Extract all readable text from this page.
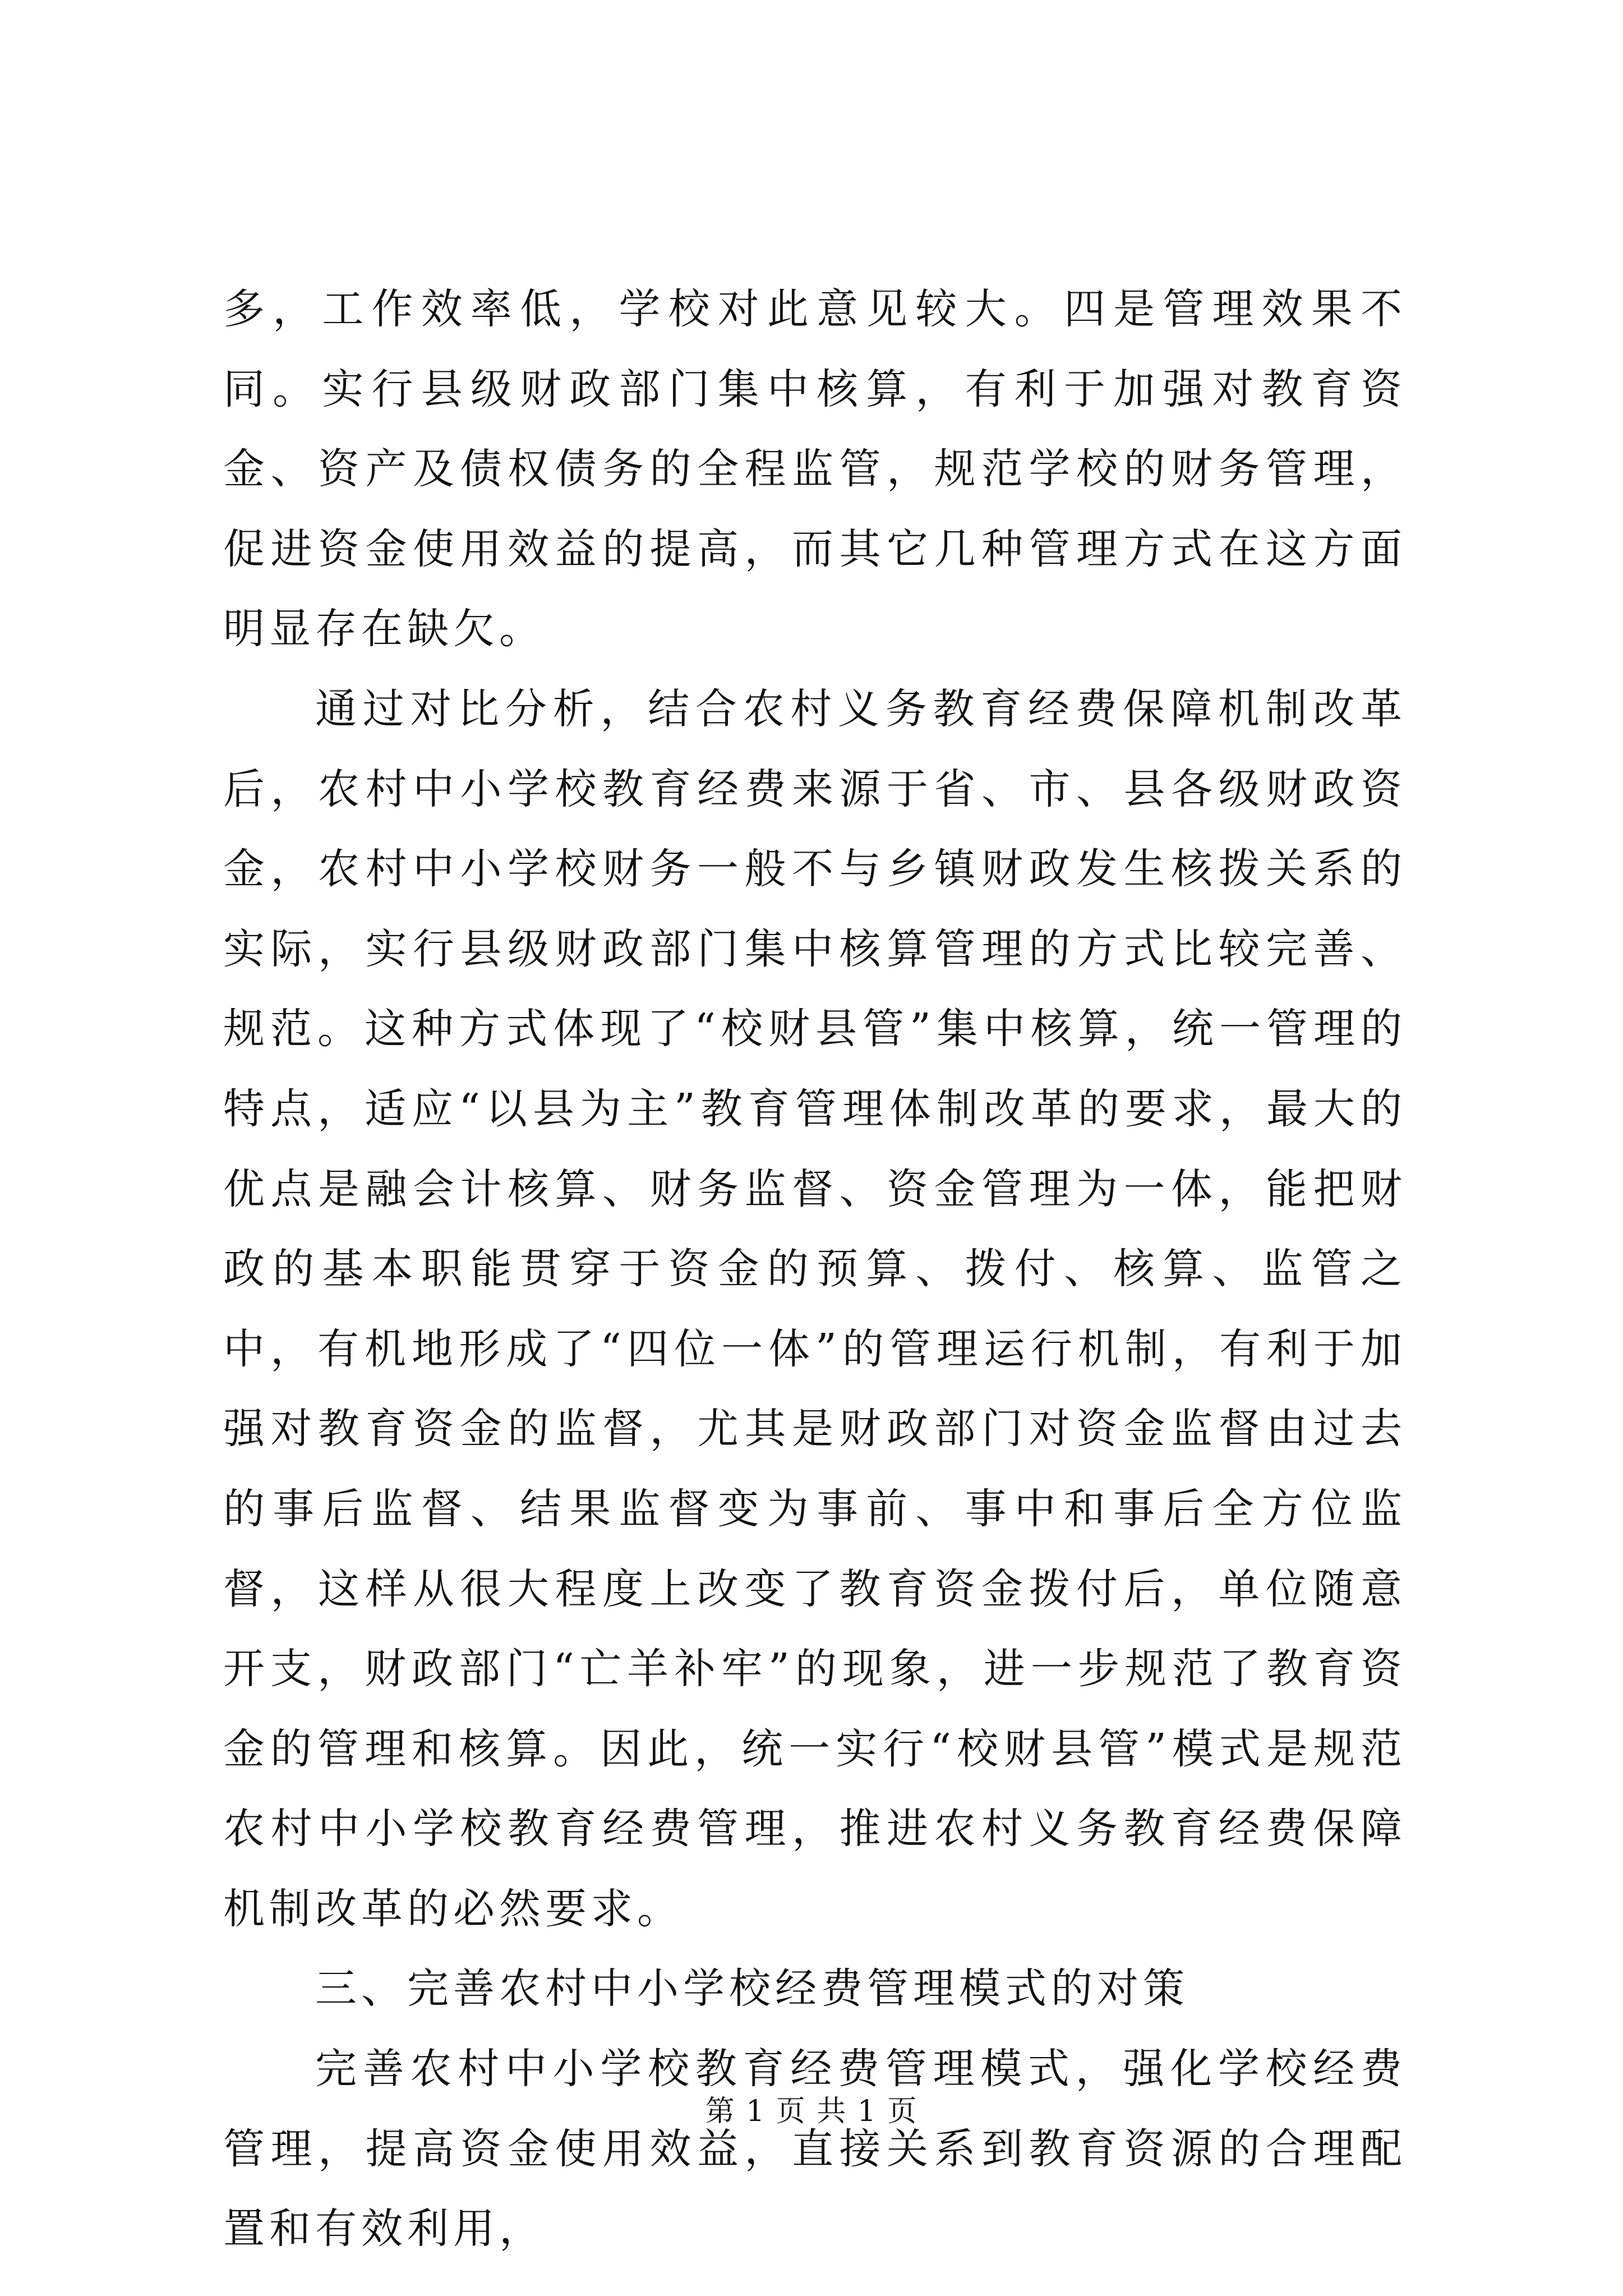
多，工作效率低，学校对此意见较大。四是管理效果不同。实行县级财政部门集中核算，有利于加强对教育资金、资产及债权债务的全程监管，规范学校的财务管理，促进资金使用效益的提高，而其它几种管理方式在这方面明显存在缺欠。

通过对比分析，结合农村义务教育经费保障机制改革后，农村中小学校教育经费来源于省、市、县各级财政资金，农村中小学校财务一般不与乡镇财政发生核拨关系的实际，实行县级财政部门集中核算管理的方式比较完善、规范。这种方式体现了“校财县管”集中核算，统一管理的特点，适应“以县为主”教育管理体制改革的要求，最大的优点是融会计核算、财务监督、资金管理为一体，能把财政的基本职能贯穿于资金的预算、拨付、核算、监管之中，有机地形成了“四位一体”的管理运行机制，有利于加强对教育资金的监督，尤其是财政部门对资金监督由过去的事后监督、结果监督变为事前、事中和事后全方位监督，这样从很大程度上改变了教育资金拨付后，单位随意开支，财政部门“亡羊补牢”的现象，进一步规范了教育资金的管理和核算。因此，统一实行“校财县管”模式是规范农村中小学校教育经费管理，推进农村义务教育经费保障机制改革的必然要求。

三、完善农村中小学校经费管理模式的对策

完善农村中小学校教育经费管理模式，强化学校经费管理，提高资金使用效益，直接关系到教育资源的合理配置和有效利用，

第 1 页 共 1 页
